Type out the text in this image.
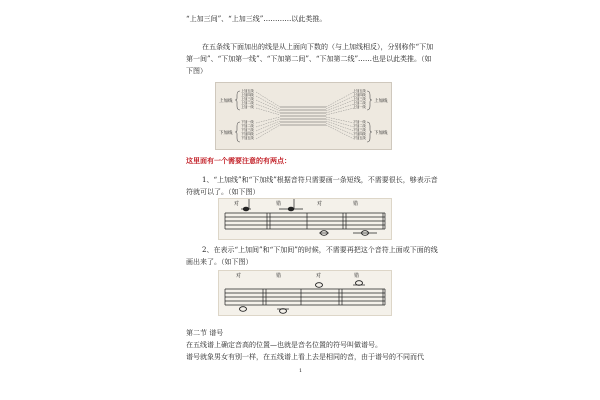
“上加三间”、“上加三线”…………以此类推。
在五条线下面加出的线是从上面向下数的（与上加线相反），分别称作“下加
第一间”、“下加第一线”、“下加第二间”、“下加第二线”……也是以此类推。（如
下图）
上加线
下加线
上加线
下加线
上加五线
上加四线
上加三线
上加二线
上加一线
下加一线
下加二线
下加三线
下加四线
下加五线
上加五线
上加四线
上加三线
上加二线
上加一线
下加一线
下加二线
下加三线
下加四线
下加五线
这里面有一个需要注意的有两点：
1、“上加线”和“下加线”根据音符只需要画一条短线，不需要很长，够表示音
符就可以了。（如下图）
对	错	对	错
2、在表示“上加间”和“下加间”的时候，不需要再把这个音符上面或下面的线
画出来了。（如下图）
对	错	对	错
第二节 谱号
在五线谱上确定音高的位置—也就是音名位置的符号叫做谱号。
谱号就象男女有别一样，在五线谱上看上去是相同的音，由于谱号的不同而代
1
